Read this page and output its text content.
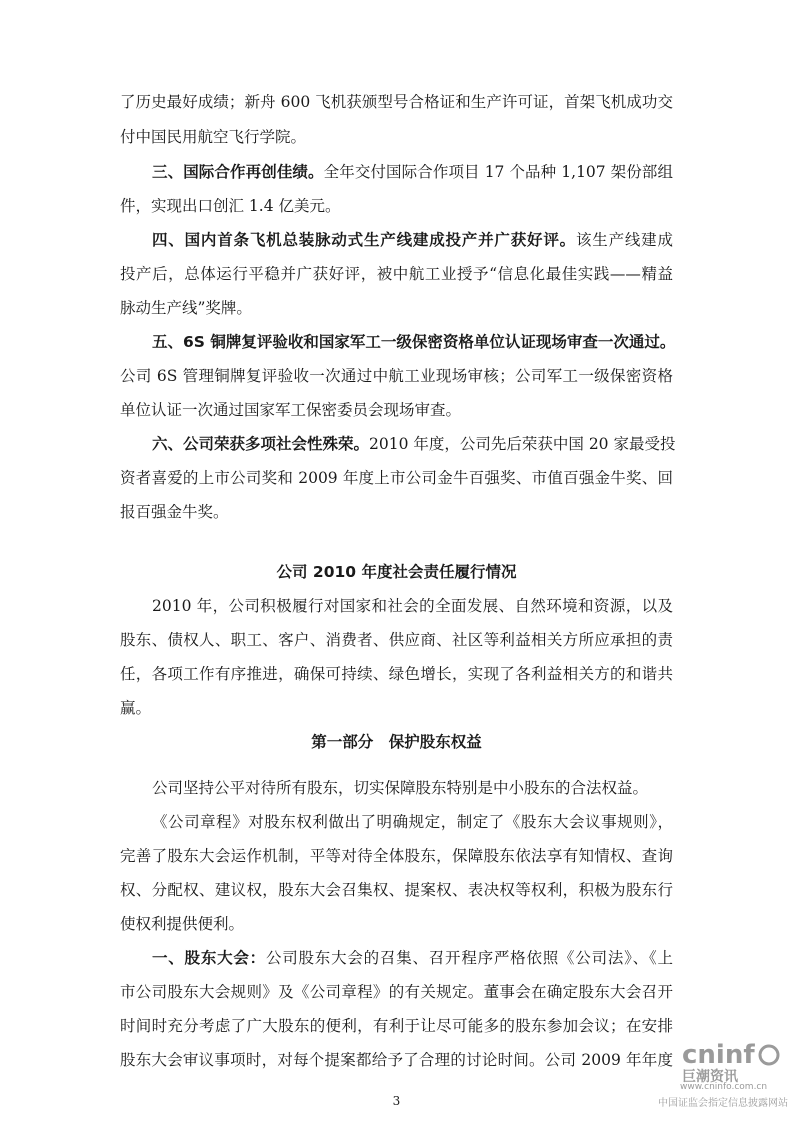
了历史最好成绩；新舟 600 飞机获颁型号合格证和生产许可证，首架飞机成功交
付中国民用航空飞行学院。
三、国际合作再创佳绩。全年交付国际合作项目 17 个品种 1,107 架份部组
件，实现出口创汇 1.4 亿美元。
四、国内首条飞机总装脉动式生产线建成投产并广获好评。该生产线建成
投产后，总体运行平稳并广获好评，被中航工业授予“信息化最佳实践——精益
脉动生产线”奖牌。
五、6S 铜牌复评验收和国家军工一级保密资格单位认证现场审查一次通过。
公司 6S 管理铜牌复评验收一次通过中航工业现场审核；公司军工一级保密资格
单位认证一次通过国家军工保密委员会现场审查。
六、公司荣获多项社会性殊荣。2010 年度，公司先后荣获中国 20 家最受投
资者喜爱的上市公司奖和 2009 年度上市公司金牛百强奖、市值百强金牛奖、回
报百强金牛奖。
公司 2010 年度社会责任履行情况
2010 年，公司积极履行对国家和社会的全面发展、自然环境和资源，以及
股东、债权人、职工、客户、消费者、供应商、社区等利益相关方所应承担的责
任，各项工作有序推进，确保可持续、绿色增长，实现了各利益相关方的和谐共
赢。
第一部分　保护股东权益
公司坚持公平对待所有股东，切实保障股东特别是中小股东的合法权益。
《公司章程》对股东权利做出了明确规定，制定了《股东大会议事规则》，
完善了股东大会运作机制，平等对待全体股东，保障股东依法享有知情权、查询
权、分配权、建议权，股东大会召集权、提案权、表决权等权利，积极为股东行
使权利提供便利。
一、股东大会：公司股东大会的召集、召开程序严格依照《公司法》、《上
市公司股东大会规则》及《公司章程》的有关规定。董事会在确定股东大会召开
时间时充分考虑了广大股东的便利，有利于让尽可能多的股东参加会议；在安排
股东大会审议事项时，对每个提案都给予了合理的讨论时间。公司 2009 年年度
3
cninf
巨潮资讯
www.cninfo.com.cn
中国证监会指定信息披露网站
